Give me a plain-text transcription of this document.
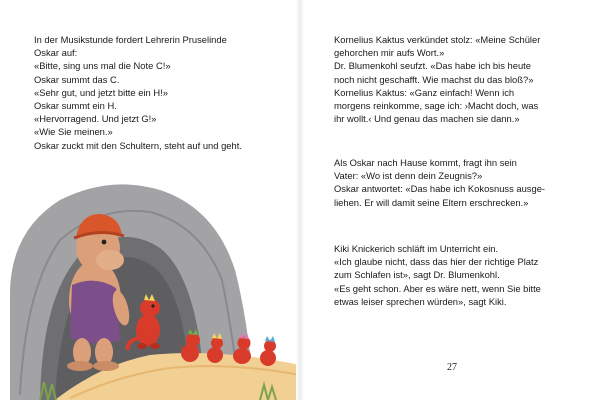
In der Musikstunde fordert Lehrerin Pruselinde
Oskar auf:
«Bitte, sing uns mal die Note C!»
Oskar summt das C.
«Sehr gut, und jetzt bitte ein H!»
Oskar summt ein H.
«Hervorragend. Und jetzt G!»
«Wie Sie meinen.»
Oskar zuckt mit den Schultern, steht auf und geht.
Kornelius Kaktus verkündet stolz: «Meine Schüler
gehorchen mir aufs Wort.»
Dr. Blumenkohl seufzt. «Das habe ich bis heute
noch nicht geschafft. Wie machst du das bloß?»
Kornelius Kaktus: «Ganz einfach! Wenn ich
morgens reinkomme, sage ich: ›Macht doch, was
ihr wollt.‹ Und genau das machen sie dann.»
Als Oskar nach Hause kommt, fragt ihn sein
Vater: «Wo ist denn dein Zeugnis?»
Oskar antwortet: «Das habe ich Kokosnuss ausge-
liehen. Er will damit seine Eltern erschrecken.»
Kiki Knickerich schläft im Unterricht ein.
«Ich glaube nicht, dass das hier der richtige Platz
zum Schlafen ist», sagt Dr. Blumenkohl.
«Es geht schon. Aber es wäre nett, wenn Sie bitte
etwas leiser sprechen würden», sagt Kiki.
27
